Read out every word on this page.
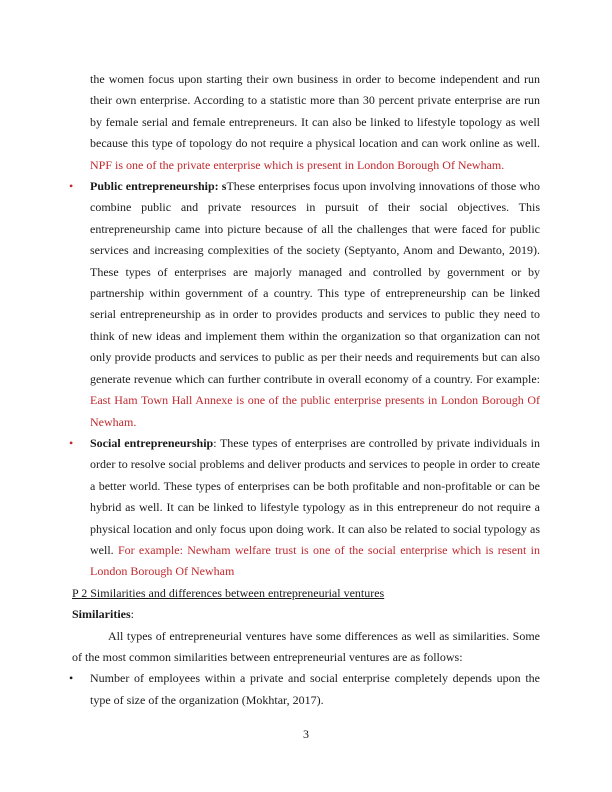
the women focus upon starting their own business in order to become independent and run their own enterprise. According to a statistic more than 30 percent private enterprise are run by female serial and female entrepreneurs. It can also be linked to lifestyle topology as well because this type of topology do not require a physical location and can work online as well. NPF is one of the private enterprise which is present in London Borough Of Newham.
•	Public entrepreneurship: sThese enterprises focus upon involving innovations of those who combine public and private resources in pursuit of their social objectives. This entrepreneurship came into picture because of all the challenges that were faced for public services and increasing complexities of the society (Septyanto, Anom and Dewanto, 2019). These types of enterprises are majorly managed and controlled by government or by partnership within government of a country. This type of entrepreneurship can be linked serial entrepreneurship as in order to provides products and services to public they need to think of new ideas and implement them within the organization so that organization can not only provide products and services to public as per their needs and requirements but can also generate revenue which can further contribute in overall economy of a country. For example: East Ham Town Hall Annexe is one of the public enterprise presents in London Borough Of Newham.
•	Social entrepreneurship: These types of enterprises are controlled by private individuals in order to resolve social problems and deliver products and services to people in order to create a better world. These types of enterprises can be both profitable and non-profitable or can be hybrid as well. It can be linked to lifestyle typology as in this entrepreneur do not require a physical location and only focus upon doing work. It can also be related to social typology as well. For example: Newham welfare trust is one of the social enterprise which is resent in London Borough Of Newham
P 2 Similarities and differences between entrepreneurial ventures
Similarities:
All types of entrepreneurial ventures have some differences as well as similarities. Some of the most common similarities between entrepreneurial ventures are as follows:
•	Number of employees within a private and social enterprise completely depends upon the type of size of the organization (Mokhtar, 2017).
3
